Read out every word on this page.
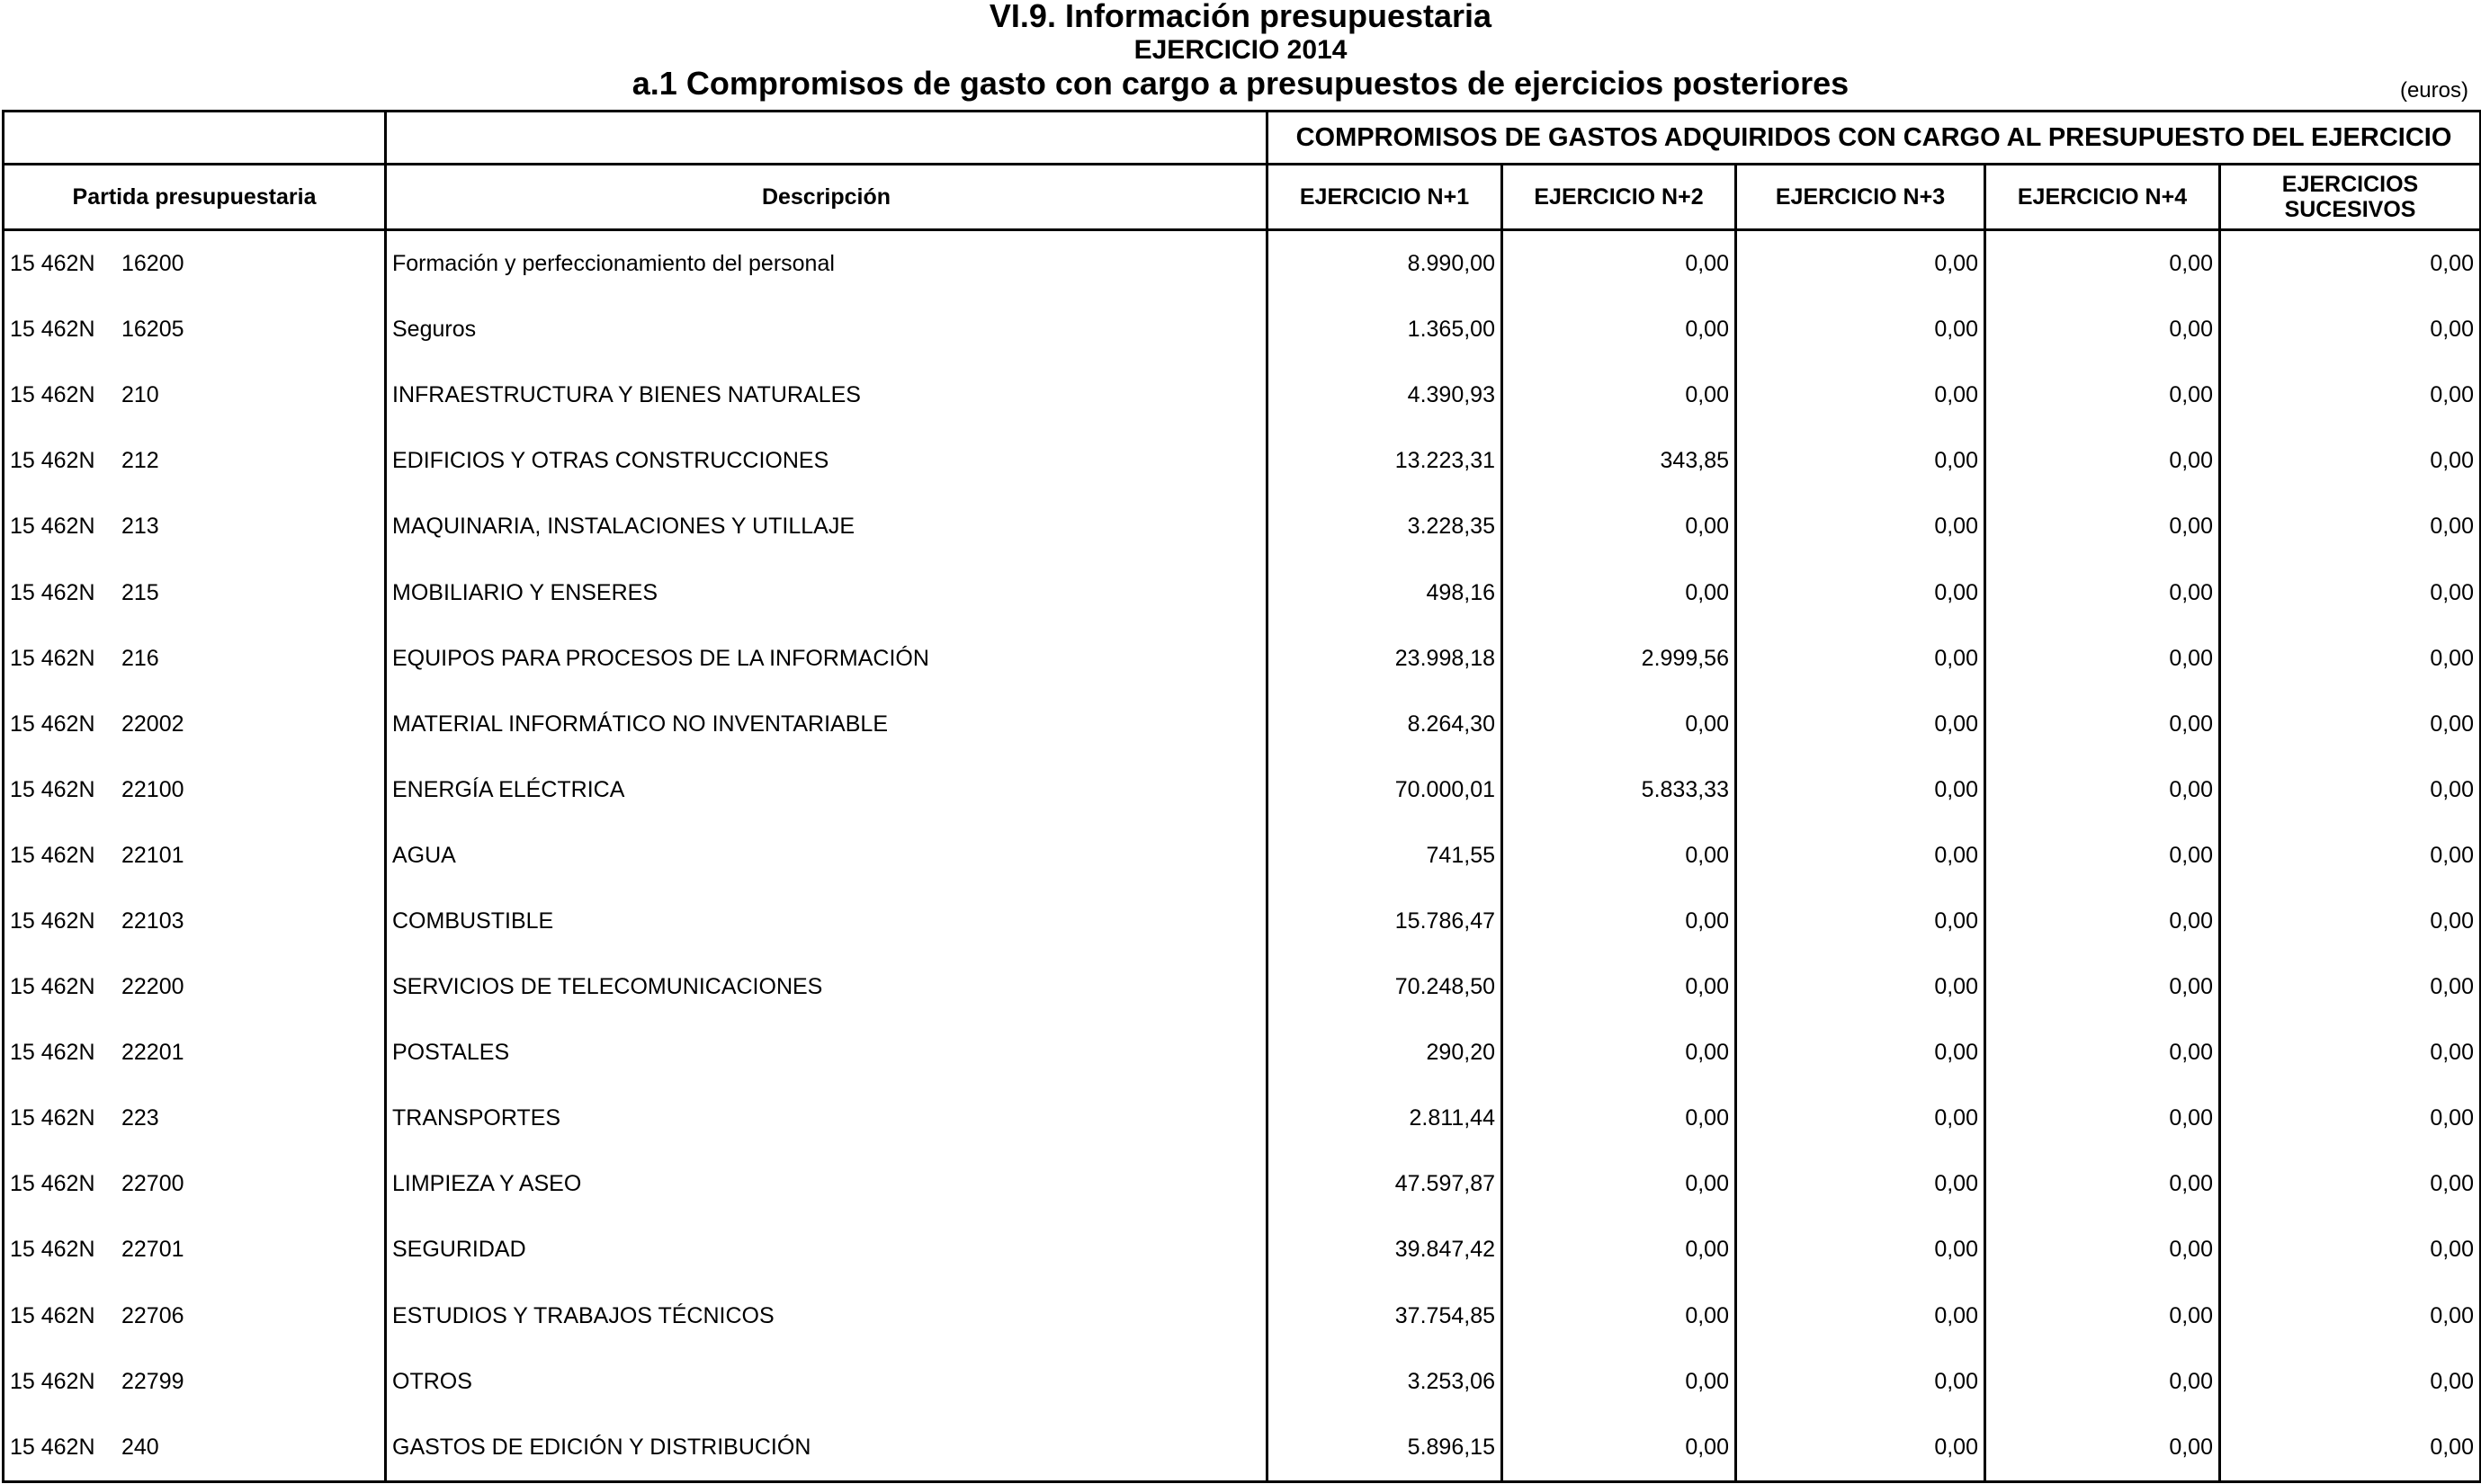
VI.9. Información presupuestaria
EJERCICIO 2014
a.1 Compromisos de gasto con cargo a presupuestos de ejercicios posteriores	(euros)
		COMPROMISOS DE GASTOS ADQUIRIDOS CON CARGO AL PRESUPUESTO DEL EJERCICIO				
Partida presupuestaria	Descripción	EJERCICIO N+1	EJERCICIO N+2	EJERCICIO N+3	EJERCICIO N+4	EJERCICIOS SUCESIVOS
15 462N 16200	Formación y perfeccionamiento del personal	8.990,00	0,00	0,00	0,00	0,00
15 462N 16205	Seguros	1.365,00	0,00	0,00	0,00	0,00
15 462N 210	INFRAESTRUCTURA Y BIENES NATURALES	4.390,93	0,00	0,00	0,00	0,00
15 462N 212	EDIFICIOS Y OTRAS CONSTRUCCIONES	13.223,31	343,85	0,00	0,00	0,00
15 462N 213	MAQUINARIA, INSTALACIONES Y UTILLAJE	3.228,35	0,00	0,00	0,00	0,00
15 462N 215	MOBILIARIO Y ENSERES	498,16	0,00	0,00	0,00	0,00
15 462N 216	EQUIPOS PARA PROCESOS DE LA INFORMACIÓN	23.998,18	2.999,56	0,00	0,00	0,00
15 462N 22002	MATERIAL INFORMÁTICO NO INVENTARIABLE	8.264,30	0,00	0,00	0,00	0,00
15 462N 22100	ENERGÍA ELÉCTRICA	70.000,01	5.833,33	0,00	0,00	0,00
15 462N 22101	AGUA	741,55	0,00	0,00	0,00	0,00
15 462N 22103	COMBUSTIBLE	15.786,47	0,00	0,00	0,00	0,00
15 462N 22200	SERVICIOS DE TELECOMUNICACIONES	70.248,50	0,00	0,00	0,00	0,00
15 462N 22201	POSTALES	290,20	0,00	0,00	0,00	0,00
15 462N 223	TRANSPORTES	2.811,44	0,00	0,00	0,00	0,00
15 462N 22700	LIMPIEZA Y ASEO	47.597,87	0,00	0,00	0,00	0,00
15 462N 22701	SEGURIDAD	39.847,42	0,00	0,00	0,00	0,00
15 462N 22706	ESTUDIOS Y TRABAJOS TÉCNICOS	37.754,85	0,00	0,00	0,00	0,00
15 462N 22799	OTROS	3.253,06	0,00	0,00	0,00	0,00
15 462N 240	GASTOS DE EDICIÓN Y DISTRIBUCIÓN	5.896,15	0,00	0,00	0,00	0,00
